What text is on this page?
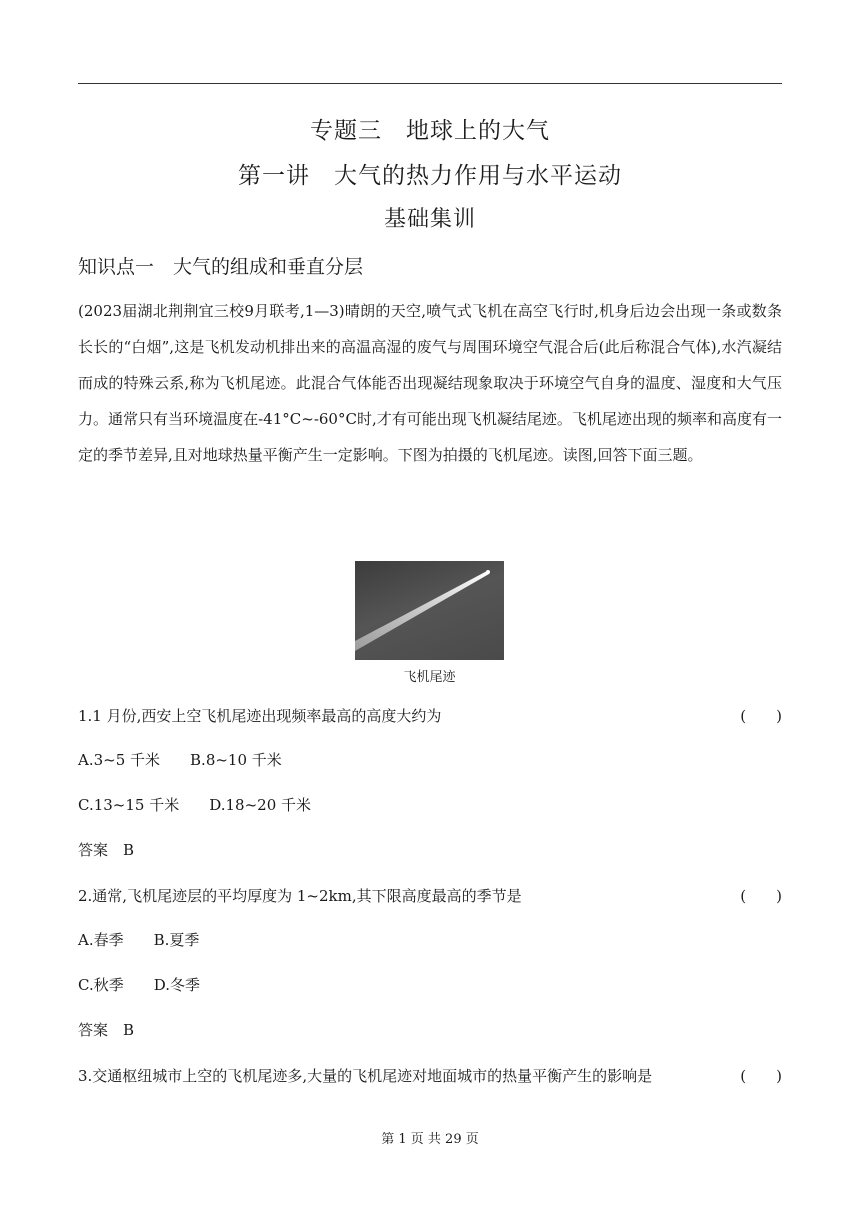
专题三　地球上的大气
第一讲　大气的热力作用与水平运动
基础集训
知识点一　大气的组成和垂直分层
(2023届湖北荆荆宜三校9月联考,1—3)晴朗的天空,喷气式飞机在高空飞行时,机身后边会出现一条或数条长长的“白烟”,这是飞机发动机排出来的高温高湿的废气与周围环境空气混合后(此后称混合气体),水汽凝结而成的特殊云系,称为飞机尾迹。此混合气体能否出现凝结现象取决于环境空气自身的温度、湿度和大气压力。通常只有当环境温度在-41°C~-60°C时,才有可能出现飞机凝结尾迹。飞机尾迹出现的频率和高度有一定的季节差异,且对地球热量平衡产生一定影响。下图为拍摄的飞机尾迹。读图,回答下面三题。
飞机尾迹
1.1 月份,西安上空飞机尾迹出现频率最高的高度大约为	(　　)
A.3~5 千米 B.8~10 千米
C.13~15 千米 D.18~20 千米
答案　B
2.通常,飞机尾迹层的平均厚度为 1~2km,其下限高度最高的季节是	(　　)
A.春季 B.夏季
C.秋季 D.冬季
答案　B
3.交通枢纽城市上空的飞机尾迹多,大量的飞机尾迹对地面城市的热量平衡产生的影响是	(　　)
第 1 页 共 29 页
